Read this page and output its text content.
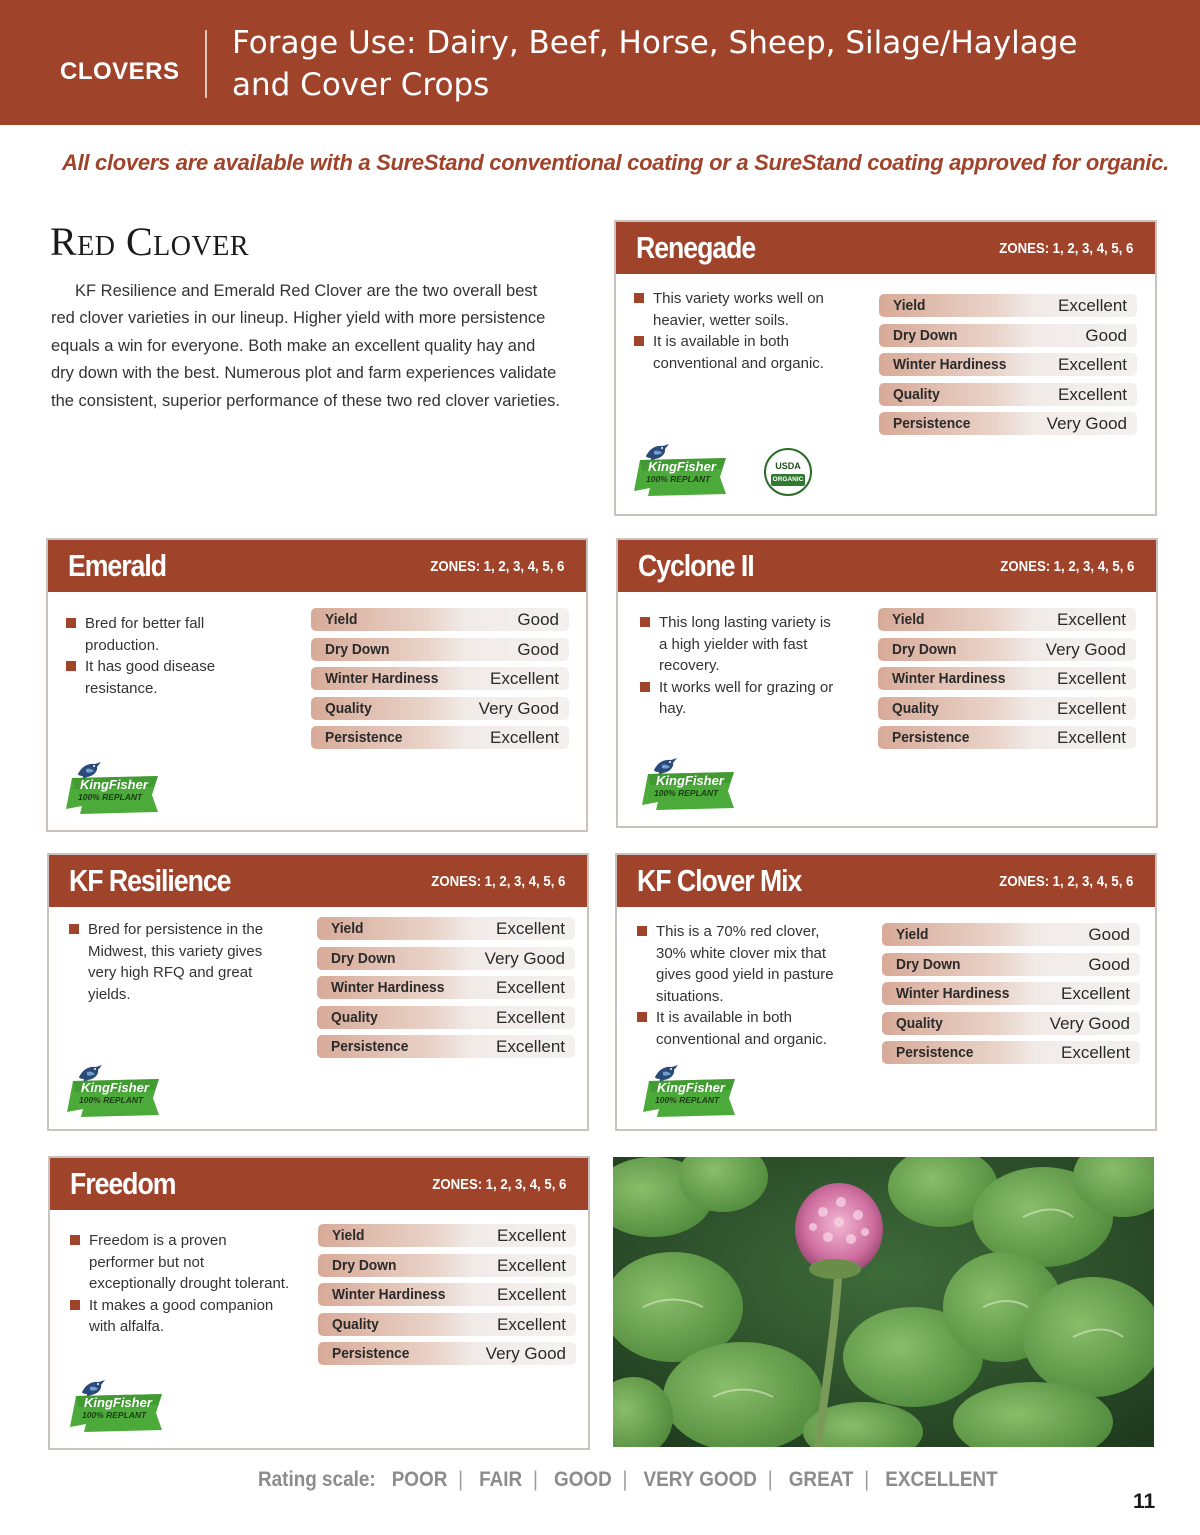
CLOVERS
Forage Use: Dairy, Beef, Horse, Sheep, Silage/Haylage and Cover Crops
All clovers are available with a SureStand conventional coating or a SureStand coating approved for organic.
Red Clover

KF Resilience and Emerald Red Clover are the two overall best red clover varieties in our lineup. Higher yield with more persistence equals a win for everyone. Both make an excellent quality hay and dry down with the best. Numerous plot and farm experiences validate the consistent, superior performance of these two red clover varieties.

Renegade	ZONES: 1, 2, 3, 4, 5, 6
This variety works well on heavier, wetter soils.
It is available in both conventional and organic.
Yield	Excellent
Dry Down	Good
Winter Hardiness	Excellent
Quality	Excellent
Persistence	Very Good
KingFisher
100% REPLANT
USDA
ORGANIC
Emerald	ZONES: 1, 2, 3, 4, 5, 6
Bred for better fall production.
It has good disease resistance.
Yield	Good
Dry Down	Good
Winter Hardiness	Excellent
Quality	Very Good
Persistence	Excellent
KingFisher
100% REPLANT
Cyclone II	ZONES: 1, 2, 3, 4, 5, 6
This long lasting variety is a high yielder with fast recovery.
It works well for grazing or hay.
Yield	Excellent
Dry Down	Very Good
Winter Hardiness	Excellent
Quality	Excellent
Persistence	Excellent
KingFisher
100% REPLANT
KF Resilience	ZONES: 1, 2, 3, 4, 5, 6
Bred for persistence in the Midwest, this variety gives very high RFQ and great yields.
Yield	Excellent
Dry Down	Very Good
Winter Hardiness	Excellent
Quality	Excellent
Persistence	Excellent
KingFisher
100% REPLANT
KF Clover Mix	ZONES: 1, 2, 3, 4, 5, 6
This is a 70% red clover, 30% white clover mix that gives good yield in pasture situations.
It is available in both conventional and organic.
Yield	Good
Dry Down	Good
Winter Hardiness	Excellent
Quality	Very Good
Persistence	Excellent
KingFisher
100% REPLANT
Freedom	ZONES: 1, 2, 3, 4, 5, 6
Freedom is a proven performer but not exceptionally drought tolerant.
It makes a good companion with alfalfa.
Yield	Excellent
Dry Down	Excellent
Winter Hardiness	Excellent
Quality	Excellent
Persistence	Very Good
KingFisher
100% REPLANT
Rating scale: POOR | FAIR | GOOD | VERY GOOD | GREAT | EXCELLENT
11
